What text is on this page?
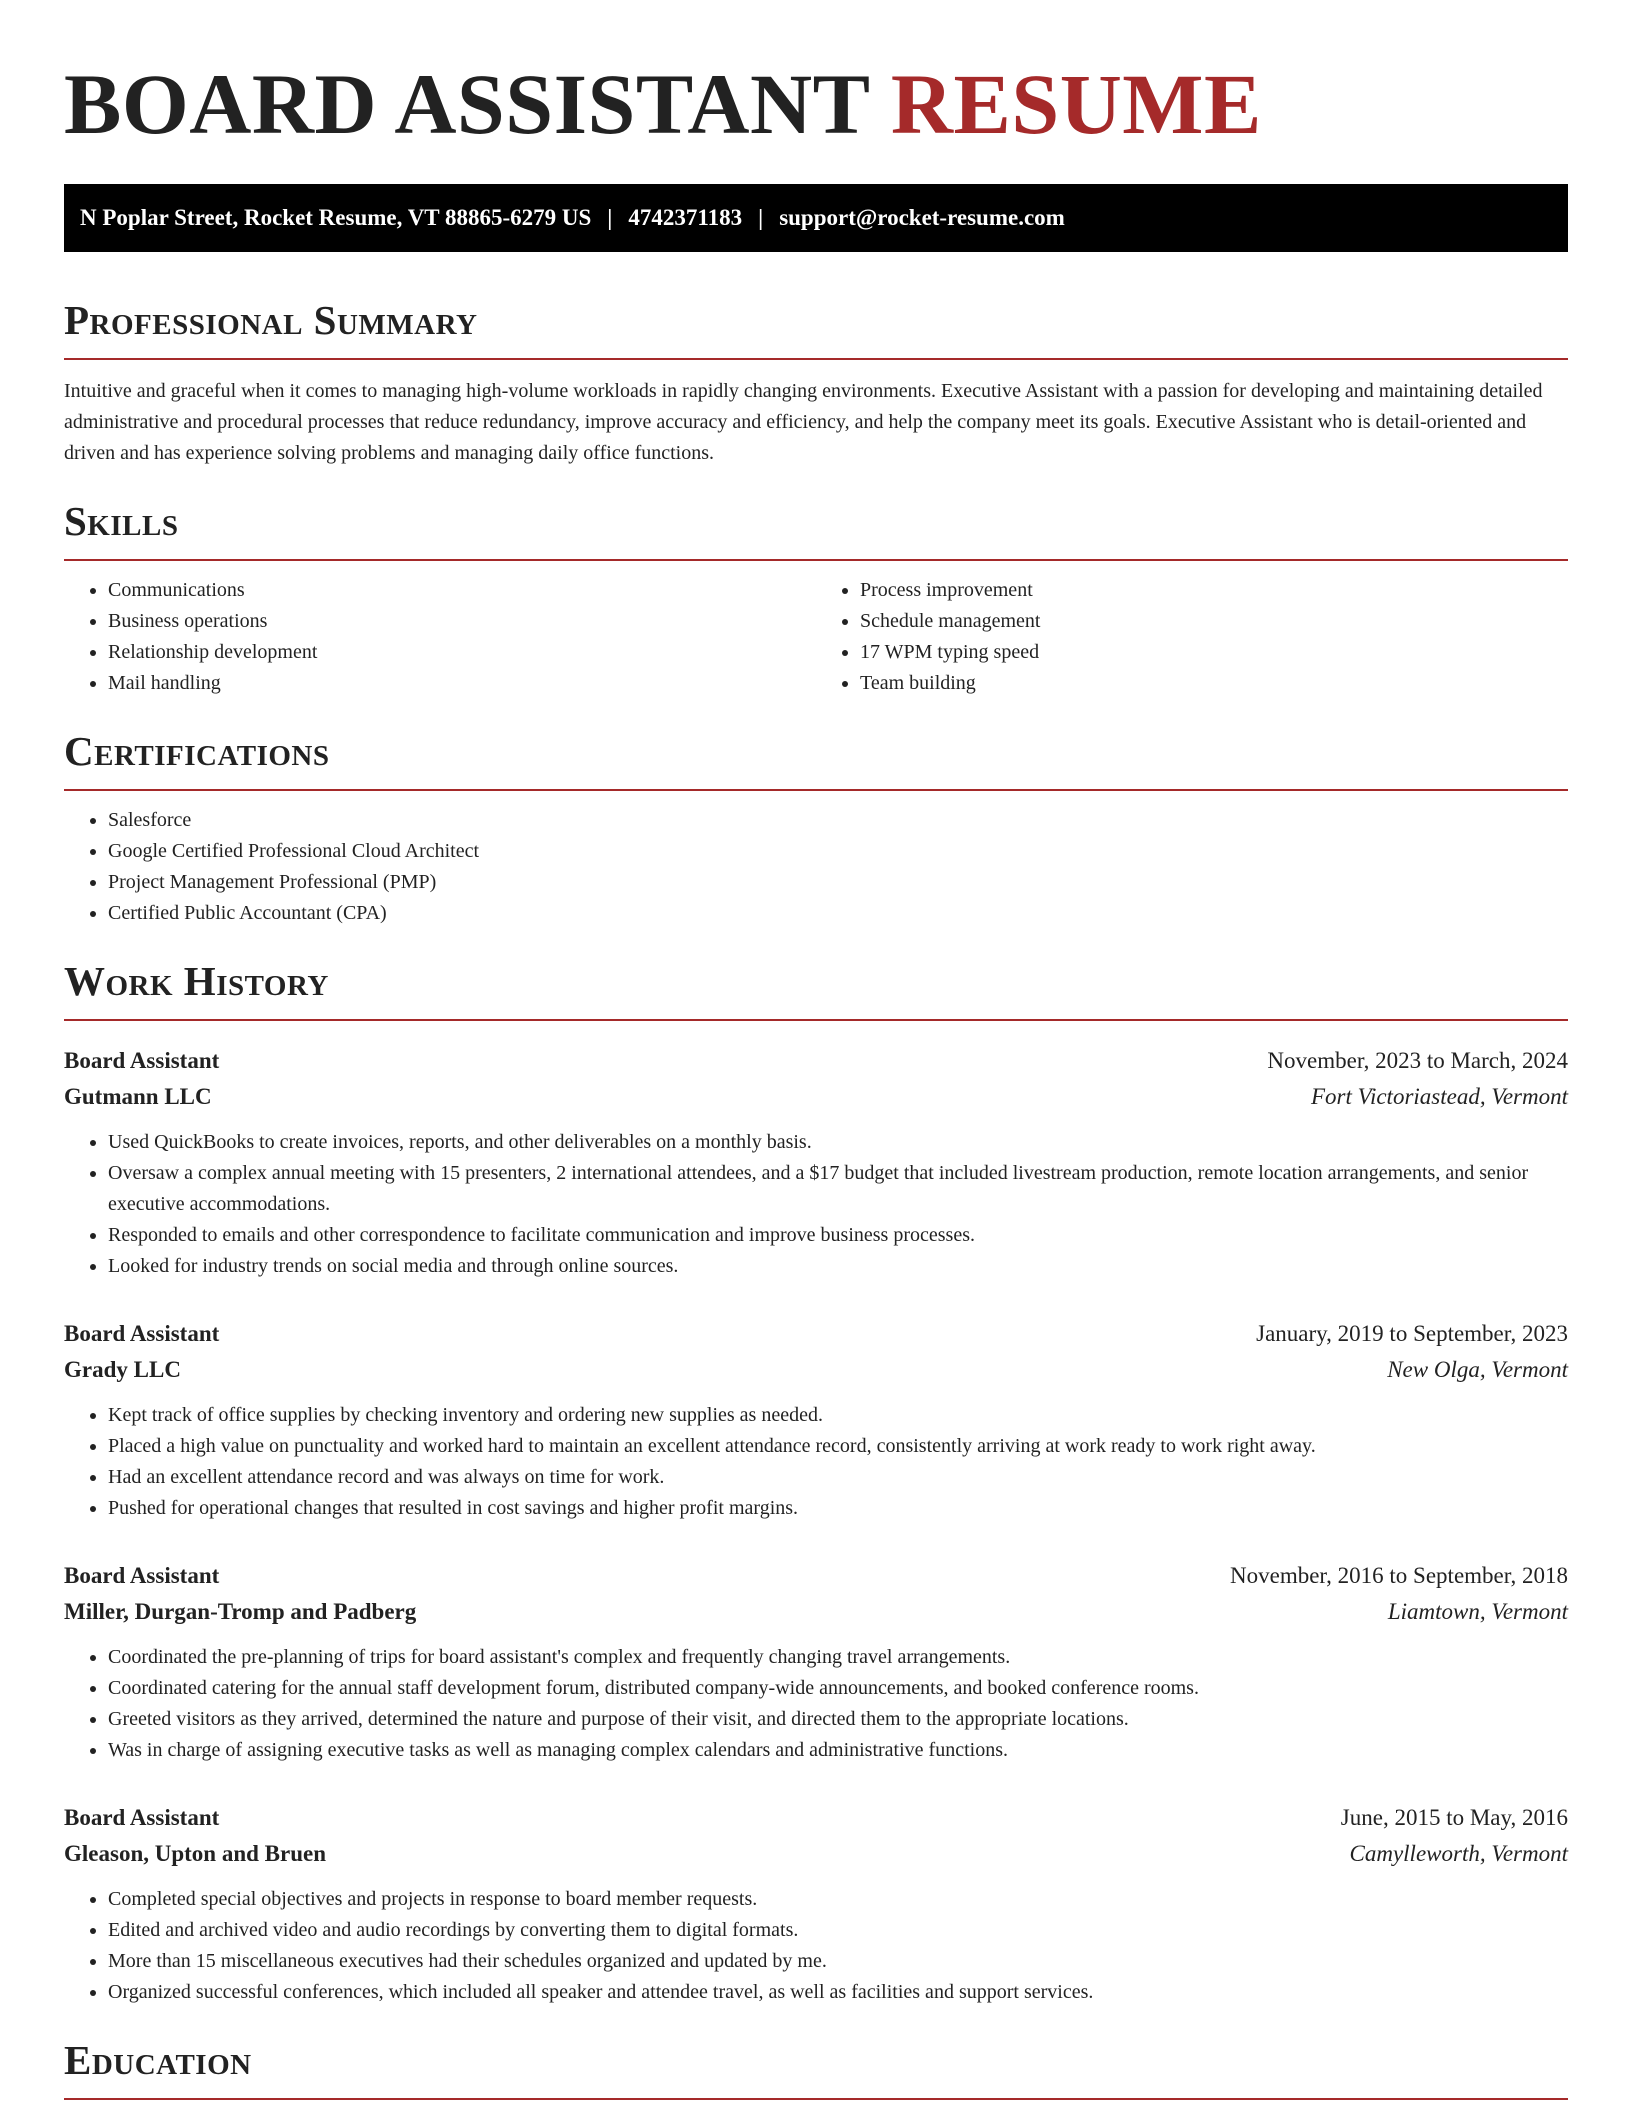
BOARD ASSISTANT RESUME
N Poplar Street, Rocket Resume, VT 88865-6279 US | 4742371183 | support@rocket-resume.com
Professional Summary

Intuitive and graceful when it comes to managing high-volume workloads in rapidly changing environments. Executive Assistant with a passion for developing and maintaining detailed administrative and procedural processes that reduce redundancy, improve accuracy and efficiency, and help the company meet its goals. Executive Assistant who is detail-oriented and driven and has experience solving problems and managing daily office functions.

Skills
• Communications
• Business operations
• Relationship development
• Mail handling
• Process improvement
• Schedule management
• 17 WPM typing speed
• Team building
Certifications
• Salesforce
• Google Certified Professional Cloud Architect
• Project Management Professional (PMP)
• Certified Public Accountant (CPA)
Work History
Board Assistant	November, 2023 to March, 2024
Gutmann LLC	Fort Victoriastead, Vermont
• Used QuickBooks to create invoices, reports, and other deliverables on a monthly basis.
• Oversaw a complex annual meeting with 15 presenters, 2 international attendees, and a $17 budget that included livestream production, remote location arrangements, and senior executive accommodations.
• Responded to emails and other correspondence to facilitate communication and improve business processes.
• Looked for industry trends on social media and through online sources.
Board Assistant	January, 2019 to September, 2023
Grady LLC	New Olga, Vermont
• Kept track of office supplies by checking inventory and ordering new supplies as needed.
• Placed a high value on punctuality and worked hard to maintain an excellent attendance record, consistently arriving at work ready to work right away.
• Had an excellent attendance record and was always on time for work.
• Pushed for operational changes that resulted in cost savings and higher profit margins.
Board Assistant	November, 2016 to September, 2018
Miller, Durgan-Tromp and Padberg	Liamtown, Vermont
• Coordinated the pre-planning of trips for board assistant's complex and frequently changing travel arrangements.
• Coordinated catering for the annual staff development forum, distributed company-wide announcements, and booked conference rooms.
• Greeted visitors as they arrived, determined the nature and purpose of their visit, and directed them to the appropriate locations.
• Was in charge of assigning executive tasks as well as managing complex calendars and administrative functions.
Board Assistant	June, 2015 to May, 2016
Gleason, Upton and Bruen	Camylleworth, Vermont
• Completed special objectives and projects in response to board member requests.
• Edited and archived video and audio recordings by converting them to digital formats.
• More than 15 miscellaneous executives had their schedules organized and updated by me.
• Organized successful conferences, which included all speaker and attendee travel, as well as facilities and support services.
Education
